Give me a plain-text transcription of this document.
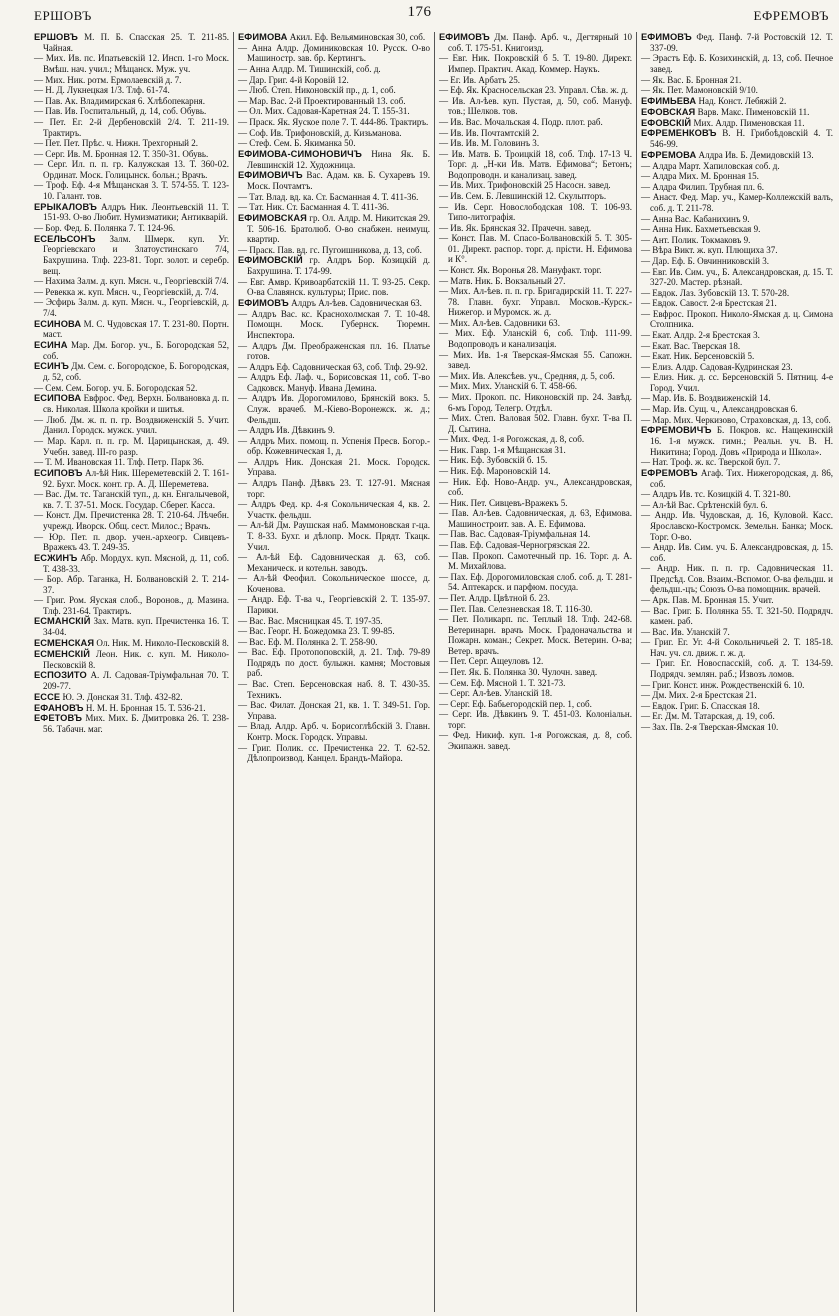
ЕРШОВЪ	176	ЕФРЕМОВЪ

ЕРШОВЪ М. П. Б. Спасская 25. Т. 211-85. Чайная.

— Мих. Ив. пс. Ипатьевскій 12. Инсп. 1-го Моск. Вмѣш. нач. учил.; Мѣщанск. Муж. уч.

— Мих. Ник. ротм. Ермолаевскій д. 7.

— Н. Д. Лукнецкая 1/3. Тлф. 61-74.

— Пав. Ак. Владимирская 6. Хлѣбопекарня.

— Пав. Ив. Госпитальный, д. 14, соб. Обувь.

— Пет. Ег. 2-й Дербеновскій 2/4. Т. 211-19. Трактиръ.

— Пет. Пет. Прѣс. ч. Нижн. Трехгорный 2.

— Серг. Ив. М. Бронная 12. Т. 350-31. Обувь.

— Серг. Ил. п. п. гр. Калужская 13. Т. 360-02. Ординат. Моск. Голицынск. больн.; Врачъ.

— Троф. Еф. 4-я Мѣщанская 3. Т. 574-55. Т. 123-10. Галант. тов.

ЕРЫКАЛОВЪ Алдръ Ник. Леонтьевскій 11. Т. 151-93. О-во Любит. Нумизматики; Антикварій.

— Бор. Фед. Б. Полянка 7. Т. 124-96.

ЕСЕЛЬСОНЪ Залм. Шмерк. куп. Уг. Георгіевскаго и Златоустинскаго 7/4, Бахрушина. Тлф. 223-81. Торг. золот. и серебр. вещ.

— Нахима Залм. д. куп. Мясн. ч., Георгіевскій 7/4.

— Ревекка ж. куп. Мясн. ч., Георгіевскій, д. 7/4.

— Эсфирь Залм. д. куп. Мясн. ч., Георгіевскій, д. 7/4.

ЕСИНОВА М. С. Чудовская 17. Т. 231-80. Портн. маст.

ЕСИНА Мар. Дм. Богор. уч., Б. Богородская 52, соб.

ЕСИНЪ Дм. Сем. с. Богородское, Б. Богородская, д. 52, соб.

— Сем. Сем. Богор. уч. Б. Богородская 52.

ЕСИПОВА Евфрос. Фед. Верхн. Болвановка д. п. св. Николая. Школа кройки и шитья.

— Люб. Дм. ж. п. п. гр. Воздвиженскій 5. Учит. Данил. Городск. мужск. учил.

— Мар. Карл. п. п. гр. М. Царицынская, д. 49. Учебн. завед. III-го разр.

— Т. М. Ивановская 11. Тлф. Петр. Парк 36.

ЕСИПОВЪ Ал-ѣй Ник. Шереметевскій 2. Т. 161-92. Бухг. Моск. конт. гр. А. Д. Шереметева.

— Вас. Дм. тс. Таганскій туп., д. кн. Енгалычевой, кв. 7. Т. 37-51. Моск. Государ. Сберег. Касса.

— Конст. Дм. Пречистенка 28. Т. 210-64. Лѣчебн. учрежд. Иворск. Общ. сест. Милос.; Врачъ.

— Юр. Пет. п. двор. учен.-археогр. Сивцевъ-Вражекъ 43. Т. 249-35.

ЕСЖИНЪ Абр. Мордух. куп. Мясной, д. 11, соб. Т. 438-33.

— Бор. Абр. Таганка, Н. Болвановскій 2. Т. 214-37.

— Григ. Ром. Яуская слоб., Воронов., д. Мазина. Тлф. 231-64. Трактиръ.

ЕСМАНСКІЙ Зах. Матв. куп. Пречистенка 16. Т. 34-04.

ЕСМЕНСКАЯ Ол. Ник. М. Николо-Песковскій 8.

ЕСМЕНСКІЙ Леон. Ник. с. куп. М. Николо-Песковскій 8.

ЕСПОЗИТО А. Л. Садовая-Тріумфальная 70. Т. 209-77.

ЕССЕ Ю. Э. Донская 31. Тлф. 432-82.

ЕФАНОВЪ Н. М. Н. Бронная 15. Т. 536-21.

ЕФЕТОВЪ Мих. Мих. Б. Дмитровка 26. Т. 238-56. Табачн. маг.

ЕФИМОВА Акил. Еф. Вельяминовская 30, соб.

— Анна Алдр. Доминиковская 10. Русск. О-во Машиностр. зав. бр. Кертингъ.

— Анна Алдр. М. Тишинскій, соб. д.

— Дар. Григ. 4-й Коровій 12.

— Люб. Степ. Никоновскій пр., д. 1, соб.

— Мар. Вас. 2-й Проектированный 13. соб.

— Ол. Мих. Садовая-Каретная 24. Т. 155-31.

— Праск. Як. Яуское поле 7. Т. 444-86. Трактиръ.

— Соф. Ив. Трифоновскій, д. Кизьманова.

— Стеф. Сем. Б. Якиманка 50.

ЕФИМОВА-СИМОНОВИЧЪ Нина Як. Б. Левшинскій 12. Художница.

ЕФИМОВИЧЪ Вас. Адам. кв. Б. Сухаревъ 19. Моск. Почтамтъ.

— Тат. Влад. вд. ка. Ст. Басманная 4. Т. 411-36.

— Тат. Ник. Ст. Басманная 4. Т. 411-36.

ЕФИМОВСКАЯ гр. Ол. Алдр. М. Никитская 29. Т. 506-16. Братолюб. О-во снабжен. неимущ. квартир.

— Праск. Пав. вд. гс. Пугоишникова, д. 13, соб.

ЕФИМОВСКІЙ гр. Алдръ Бор. Козицкій д. Бахрушина. Т. 174-99.

— Евг. Амвр. Кривоарбатскій 11. Т. 93-25. Секр. О-ва Славянск. культуры; Прис. пов.

ЕФИМОВЪ Алдръ Ал-ѣев. Садовническая 63.

— Алдръ Вас. кс. Краснохолмская 7. Т. 10-48. Помощн. Моск. Губернск. Тюремн. Инспектора.

— Алдръ Дм. Преображенская пл. 16. Платье готов.

— Алдръ Еф. Садовническая 63, соб. Тлф. 29-92.

— Алдръ Еф. Лаф. ч., Борисовская 11, соб. Т-во Садковск. Мануф. Ивана Демина.

— Алдръ Ив. Дорогомилово, Брянскій вокз. 5. Служ. врачеб. М.-Кіево-Воронежск. ж. д.; Фельдш.

— Алдръ Ив. Дѣвкинъ 9.

— Алдръ Мих. помощ. п. Успенія Пресв. Богор.-обр. Кожевническая 1, д.

— Алдръ Ник. Донская 21. Моск. Городск. Управа.

— Алдръ Панф. Дѣвкъ 23. Т. 127-91. Мясная торг.

— Алдръ Фед. кр. 4-я Сокольническая 4, кв. 2. Участк. фельдш.

— Ал-ѣй Дм. Раушская наб. Маммоновская г-ца. Т. 8-33. Бухг. и дѣлопр. Моск. Прядт. Ткацк. Учил.

— Ал-ѣй Еф. Садовническая д. 63, соб. Механическ. и котельн. заводъ.

— Ал-ѣй Феофил. Сокольническое шоссе, д. Коченова.

— Андр. Еф. Т-ва ч., Георгіевскій 2. Т. 135-97. Парики.

— Вас. Вас. Мясницкая 45. Т. 197-35.

— Вас. Георг. Н. Божедомка 23. Т. 99-85.

— Вас. Еф. М. Полянка 2. Т. 258-90.

— Вас. Еф. Протопоповскій, д. 21. Тлф. 79-89 Подрядъ по дост. булыжн. камня; Мостовыя раб.

— Вас. Степ. Берсеновская наб. 8. Т. 430-35. Техникъ.

— Вас. Филат. Донская 21, кв. 1. Т. 349-51. Гор. Управа.

— Влад. Алдр. Арб. ч. Борисоглѣбскій 3. Главн. Контр. Моск. Городск. Управы.

— Григ. Полик. сс. Пречистенка 22. Т. 62-52. Дѣлопроизвод. Канцел. Брандъ-Майора.

ЕФИМОВЪ Дм. Панф. Арб. ч., Дегтярный 10 соб. Т. 175-51. Книгоизд.

— Евг. Ник. Покровскій б 5. Т. 19-80. Директ. Импер. Практич. Акад. Коммер. Наукъ.

— Ег. Ив. Арбатъ 25.

— Еф. Як. Красносельская 23. Управл. Сѣв. ж. д.

— Ив. Ал-ѣев. куп. Пустая, д. 50, соб. Мануф. тов.; Шелков. тов.

— Ив. Вас. Мочальская 4. Подр. плот. раб.

— Ив. Ив. Почтамтскій 2.

— Ив. Ив. М. Головинъ 3.

— Ив. Матв. Б. Троицкій 18, соб. Тлф. 17-13 Ч. Торг. д. „Н-ки Ив. Матв. Ефимова“; Бетонъ; Водопроводн. и канализац. завед.

— Ив. Мих. Трифоновскій 25 Насосн. завед.

— Ив. Сем. Б. Левшинскій 12. Скульпторъ.

— Ив. Серг. Новослободская 108. Т. 106-93. Типо-литографія.

— Ив. Як. Брянская 32. Прачечн. завед.

— Конст. Пав. М. Спасо-Болвановскій 5. Т. 305-01. Директ. распор. торг. д. прісти. Н. Ефимова и К°.

— Конст. Як. Воронья 28. Мануфакт. торг.

— Матв. Ник. Б. Вокзальный 27.

— Мих. Ал-ѣев. п. п. гр. Бригадирскій 11. Т. 227-78. Главн. бухг. Управл. Москов.-Курск.-Нижегор. и Муромск. ж. д.

— Мих. Ал-ѣев. Садовники 63.

— Мих. Еф. Уланскій 6, соб. Тлф. 111-99. Водопроводъ и канализація.

— Мих. Ив. 1-я Тверская-Ямская 55. Сапожн. завед.

— Мих. Ив. Алексѣев. уч., Средняя, д. 5, соб.

— Мих. Мих. Уланскій 6. Т. 458-66.

— Мих. Прокоп. пс. Никоновскій пр. 24. Завѣд. 6-мъ Город. Телегр. Отдѣл.

— Мих. Степ. Валовая 502. Главн. бухг. Т-ва П. Д. Сытина.

— Мих. Фед. 1-я Рогожская, д. 8, соб.

— Ник. Гавр. 1-я Мѣщанская 31.

— Ник. Еф. Зубовскій б. 15.

— Ник. Еф. Мароновскій 14.

— Ник. Еф. Ново-Андр. уч., Александровская, соб.

— Ник. Пет. Сивцевъ-Вражекъ 5.

— Пав. Ал-ѣев. Садовническая, д. 63, Ефимова. Машиностроит. зав. А. Е. Ефимова.

— Пав. Вас. Садовая-Тріумфальная 14.

— Пав. Еф. Садовая-Черногрязская 22.

— Пав. Прокоп. Самотечный пр. 16. Торг. д. А. М. Михайлова.

— Пах. Еф. Дорогомиловская слоб. соб. д. Т. 281-54. Аптекарск. и парфюм. посуда.

— Пет. Алдр. Цвѣтной б. 23.

— Пет. Пав. Селезневская 18. Т. 116-30.

— Пет. Поликарп. пс. Теплый 18. Тлф. 242-68. Ветеринарн. врачъ Моск. Градоначальства и Пожарн. коман.; Секрет. Моск. Ветерин. О-ва; Ветер. врачъ.

— Пет. Серг. Ащеуловъ 12.

— Пет. Як. Б. Полянка 30. Чулочн. завед.

— Сем. Еф. Мясной 1. Т. 321-73.

— Серг. Ал-ѣев. Уланскій 18.

— Серг. Еф. Бабьегородскій пер. 1, соб.

— Серг. Ив. Дѣвкинъ 9. Т. 451-03. Колоніальн. торг.

— Фед. Никиф. куп. 1-я Рогожская, д. 8, соб. Экипажн. завед.

ЕФИМОВЪ Фед. Панф. 7-й Ростовскій 12. Т. 337-09.

— Эрастъ Еф. Б. Козихинскій, д. 13, соб. Печное завед.

— Як. Вас. Б. Бронная 21.

— Як. Пет. Мамоновскій 9/10.

ЕФИМЬЕВА Над. Конст. Лебяжій 2.

ЕФОВСКАЯ Варв. Макс. Пименовскій 11.

ЕФОВСКІЙ Мих. Алдр. Пименовская 11.

ЕФРЕМЕНКОВЪ В. Н. Грибоѣдовскій 4. Т. 546-99.

ЕФРЕМОВА Алдра Ив. Б. Демидовскій 13.

— Алдра Март. Хапиловская соб. д.

— Алдра Мих. М. Бронная 15.

— Алдра Филип. Трубная пл. 6.

— Анаст. Фед. Мар. уч., Камер-Коллежскій валъ, соб. д. Т. 211-78.

— Анна Вас. Кабанихинъ 9.

— Анна Ник. Бахметьевская 9.

— Ант. Полик. Токмаковъ 9.

— Вѣра Викт. ж. куп. Плющиха 37.

— Дар. Еф. Б. Овчинниковскій 3.

— Евг. Ив. Сим. уч., Б. Александровская, д. 15. Т. 327-20. Мастер. рѣзнай.

— Евдок. Лаз. Зубовскій 13. Т. 570-28.

— Евдок. Савост. 2-я Брестская 21.

— Евфрос. Прокоп. Николо-Ямская д. ц. Симона Столпника.

— Екат. Алдр. 2-я Брестская 3.

— Екат. Вас. Тверская 18.

— Екат. Ник. Берсеновскій 5.

— Елиз. Алдр. Садовая-Кудринская 23.

— Елиз. Ник. д. сс. Берсеновскій 5. Пятниц. 4-е Город. Учил.

— Мар. Ив. Б. Воздвиженскій 14.

— Мар. Ив. Сущ. ч., Александровская 6.

— Мар. Мих. Черкизово, Страховская, д. 13, соб.

ЕФРЕМОВИЧЪ Б. Покров. кс. Нащекинскій 16. 1-я мужск. гимн.; Реальн. уч. В. Н. Никитина; Город. Довъ «Природа и Школа».

— Нат. Троф. ж. кс. Тверской бул. 7.

ЕФРЕМОВЪ Агаф. Тих. Нижегородская, д. 86, соб.

— Алдръ Ив. тс. Козицкій 4. Т. 321-80.

— Ал-ѣй Вас. Срѣтенскій бул. 6.

— Андр. Ив. Чудовская, д. 16, Куловой. Касс. Ярославско-Костромск. Земельн. Банка; Моск. Торг. О-во.

— Андр. Ив. Сим. уч. Б. Александровская, д. 15. соб.

— Андр. Ник. п. п. гр. Садовническая 11. Предсѣд. Сов. Взаим.-Вспомог. О-ва фельдш. и фельдш.-цъ; Союзъ О-ва помощник. врачей.

— Арк. Пав. М. Бронная 15. Учит.

— Вас. Григ. Б. Полянка 55. Т. 321-50. Подрядч. камен. раб.

— Вас. Ив. Уланскій 7.

— Григ. Ег. Уг. 4-й Сокольничьей 2. Т. 185-18. Нач. уч. сл. движ. г. ж. д.

— Григ. Ег. Новоспасскій, соб. д. Т. 134-59. Подрядч. землян. раб.; Извозъ ломов.

— Григ. Конст. инж. Рождественскій 6. 10.

— Дм. Мих. 2-я Брестская 21.

— Евдок. Григ. Б. Спасская 18.

— Ег. Дм. М. Татарская, д. 19, соб.

— Зах. Пв. 2-я Тверская-Ямская 10.
